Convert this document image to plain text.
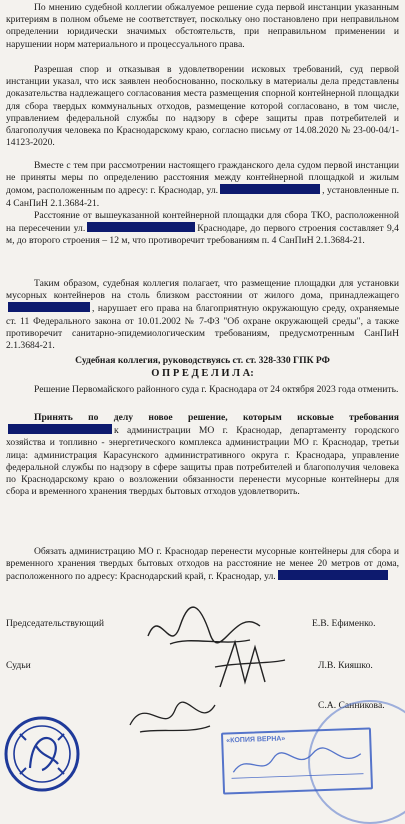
По мнению судебной коллегии обжалуемое решение суда первой инстанции указанным критериям в полном объеме не соответствует, поскольку оно постановлено при неправильном определении юридически значимых обстоятельств, при неправильном применении и нарушении норм материального и процессуального права.

Разрешая спор и отказывая в удовлетворении исковых требований, суд первой инстанции указал, что иск заявлен необоснованно, поскольку в материалы дела представлены доказательства надлежащего согласования места размещения спорной контейнерной площадки для сбора твердых коммунальных отходов, размещение которой согласовано, в том числе, управлением федеральной службы по надзору в сфере защиты прав потребителей и благополучия человека по Краснодарскому краю, согласно письму от 14.08.2020 № 23-00-04/1-14123-2020.

Вместе с тем при рассмотрении настоящего гражданского дела судом первой инстанции не приняты меры по определению расстояния между контейнерной площадкой и жилым домом, расположенным по адресу: г. Краснодар, ул.	, установленные п. 4 СанПиН 2.1.3684-21.

Расстояние от вышеуказанной контейнерной площадки для сбора ТКО, расположенной на пересечении ул.	Краснодаре, до первого строения составляет 9,4 м, до второго строения – 12 м, что противоречит требованиям п. 4 СанПиН 2.1.3684-21.

Таким образом, судебная коллегия полагает, что размещение площадки для установки мусорных контейнеров на столь близком расстоянии от жилого дома, принадлежащего, нарушает его права на благоприятную окружающую среду, охраняемые ст. 11 Федерального закона от 10.01.2002 № 7-ФЗ "Об охране окружающей среды", а также противоречит санитарно-эпидемиологическим требованиям, предусмотренным СанПиН 2.1.3684-21.

Судебная коллегия, руководствуясь ст. ст. 328-330 ГПК РФ
О П Р Е Д Е Л И Л А:

Решение Первомайского районного суда г. Краснодара от 24 октября 2023 года отменить.

Принять по делу новое решение, которым исковые требованияк администрации МО г. Краснодар, департаменту городского хозяйства и топливно - энергетического комплекса администрации МО г. Краснодар, третьи лица: администрация Карасунского административного округа г. Краснодара, управление федеральной службы по надзору в сфере защиты прав потребителей и благополучия человека по Краснодарскому краю о возложении обязанности перенести мусорные контейнеры для сбора и временного хранения твердых бытовых отходов удовлетворить.

Обязать администрацию МО г. Краснодар перенести мусорные контейнеры для сбора и временного хранения твердых бытовых отходов на расстояние не менее 20 метров от дома, расположенного по адресу: Краснодарский край, г. Краснодар, ул.

Председательствующий	Е.В. Ефименко.
Судьи	Л.В. Кияшко.
С.А. Санникова.
«КОПИЯ ВЕРНА»
